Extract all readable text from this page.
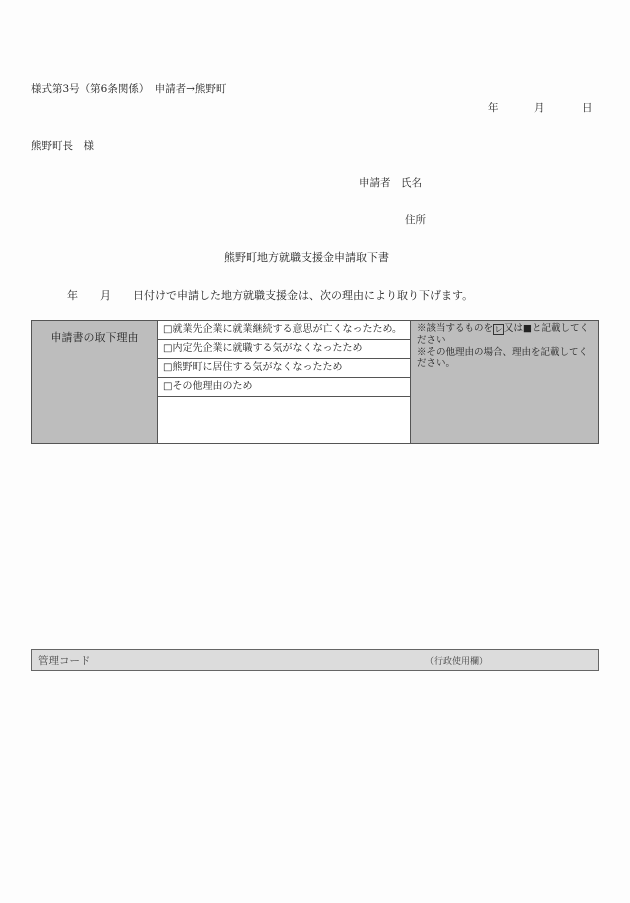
様式第3号（第6条関係）　申請者→熊野町
年	月	日
熊野町長　様
申請者　氏名
住所
熊野町地方就職支援金申請取下書
年　　月　　日付けで申請した地方就職支援金は、次の理由により取り下げます。
申請書の取下理由
□就業先企業に就業継続する意思が亡くなったため。
□内定先企業に就職する気がなくなったため
□熊野町に居住する気がなくなったため
□その他理由のため
※該当するものを レ 又は■と記載してください
※その他理由の場合、理由を記載してください。
管理コード	（行政使用欄）
